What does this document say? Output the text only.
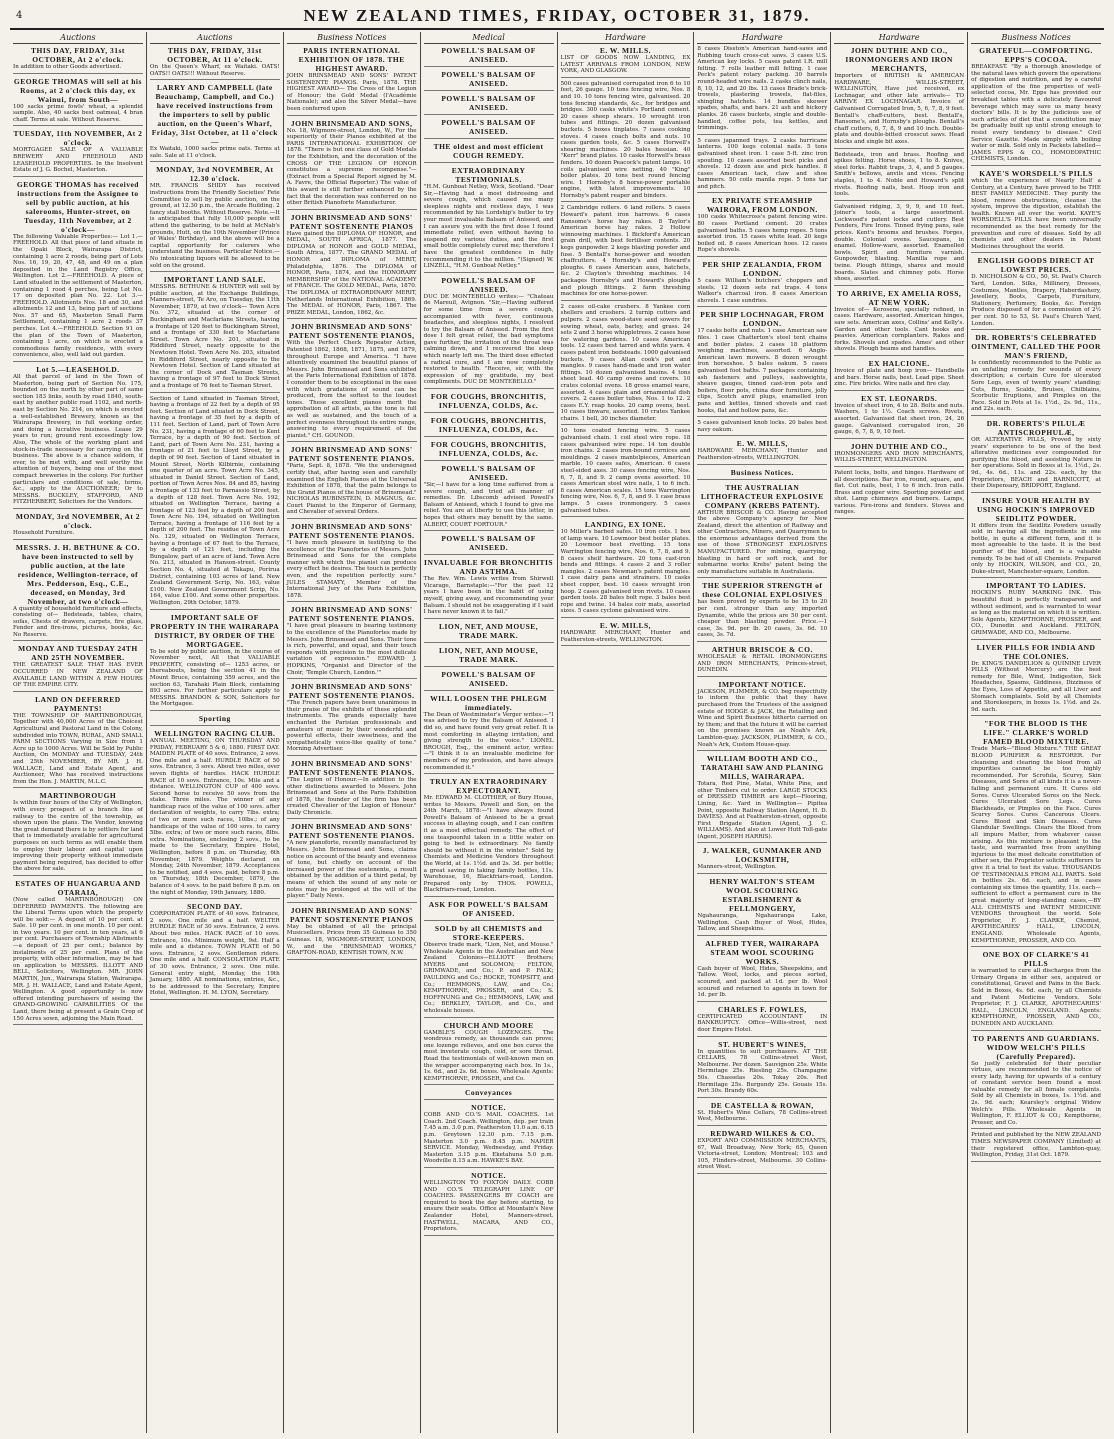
4	NEW ZEALAND TIMES, FRIDAY, OCTOBER 31, 1879.
Auctions
THIS DAY, FRIDAY, 31st OCTOBER, At 2 o'clock.
In addition to other Goods advertised.
GEORGE THOMAS will sell at his Rooms, at 2 o'clock this day, ex Wainui, from South—
100 sacks prime fowls' wheat, a splendid sample. Also, 40 sacks best oatmeal, 4 bran chaff. Terms at sale. Without Reserve.
TUESDAY, 11th NOVEMBER, At 2 o'clock.
MORTGAGEE SALE OF A VALUABLE BREWERY AND FREEHOLD AND LEASEHOLD PROPERTIES. In the Insolvent Estate of J. G. Bochel, Masterton.
GEORGE THOMAS has received instructions from the Assignee to sell by public auction, at his salerooms, Hunter-street, on Tuesday, 11th November, at 2 o'clock—
The following Valuable Properties:— Lot 1.—FREEHOLD. All that piece of land situate in the Opaki Block, Wairarapa District, containing 1 acre 2 roods, being part of Lots Nos. 16, 19, 20, 47, 48, and 49 on a plan deposited in the Land Registry Office, Wellington. Lot 2.—FREEHOLD. A piece of Land situated in the settlement of Masterton, containing 1 rood 4 perches, being Lot No. 17 on deposited plan No. 22. Lot 3.—FREEHOLD. Allotments Nos. 18 and 30, and allotments 12 and 13, being part of sections Nos. 57 and 65, Masterton Small Farm Settlement, containing 1 acre 2 roods 37 perches. Lot 4.—FREEHOLD. Section 91 on the plan of the Town of Masterton, containing 1 acre, on which is erected a commodious family residence, with every convenience, also, well laid out garden.
Lot 5.—LEASEHOLD.
All that parcel of land in the Town of Masterton, being part of Section No. 175, bounded on the north by other part of same section 183 links, south by road 1840, south-east by another public road 1102, and north-east by Section No. 214, on which is erected a well-established Brewery, known as the Wairarapa Brewery, in full working order, and doing a lucrative business. Lease 29 years to run; ground rent exceedingly low. Also, The whole of the working plant and stock-in-trade necessary for carrying on the business. The above is a chance seldom, if ever, to be met with, and well worthy the attention of buyers, being one of the most compact breweries in the colony. For further particulars and conditions of sale, terms, &c., apply to the AUCTIONEER; Or to MESSRS. BUCKLEY, STAFFORD, AND FITZHERBERT, Solicitors for the Vendors.
MONDAY, 3rd NOVEMBER, At 2 o'clock.
Household Furniture.
MESSRS. J. H. BETHUNE & CO. have been instructed to sell by public auction, at the late residence, Wellington-terrace, of Mrs. Pedderson, Esq., C.E., deceased, on Monday, 3rd November, at two o'clock—
A quantity of household furniture and effects, consisting of— Bedsteads, tables, chairs, sofas, Chests of drawers, carpets, fire glass, Fender and fire-irons, pictures, books, &c. No Reserve.
MONDAY AND TUESDAY 24TH AND 25TH NOVEMBER.
THE GREATEST SALE THAT HAS EVER OCCURRED IN NEW ZEALAND OF AVAILABLE LAND WITHIN A FEW HOURS OF THE EMPIRE CITY.
LAND ON DEFERRED PAYMENTS!
THE TOWNSHIP OF MARTINBOROUGH, Together with 40,000 Acres of the Choicest Agricultural and Pastoral Land in the Colony, subdivided into TOWN, RURAL, AND SMALL FARM SECTIONS Varying in Size from 1 Acre up to 1000 Acres. Will be Sold by Public Auction, On MONDAY and TUESDAY, 24th and 25th NOVEMBER, BY MR. J. H. WALLACE, Land and Estate Agent, and Auctioneer, Who has received instructions from the Hon. J. MARTIN, M.L.C.
MARTINBOROUGH
Is within four hours of the City of Wellington, with every prospect of a branch line of railway to the centre of the township, as shown upon the plans. The Vendor, knowing the great demand there is by settlers for land that is immediately available for agricultural purposes on such terms as will enable them to employ their labour and capital upon improving their property without immediate payment being required, has decided to offer the above for sale.
ESTATES OF HUANGARUA AND OTARAIA,
(Now called MARTINBOROUGH) ON DEFERRED PAYMENTS. The following are the Liberal Terms upon which the property will be sold:— A deposit of 10 per cent. at Sale. 10 per cent. in one month. 10 per cent. in two years. 10 per cent. in ten years, at 6 per cent. Purchasers of Township Allotments—a deposit of 25 per cent.; balance by instalments of 25 per cent. Plans of the property, with other information, may be had on application to MESSRS. ILLOTT AND BELL, Solicitors, Wellington. MR. JOHN MARTIN, Jun., Wairarapa Station, Wairarapa. MR. J. H. WALLACE, Land and Estate Agent, Wellington. A good opportunity is now offered intending purchasers of seeing the GRAND-GROWING CAPABILITIES Of the Land, there being at present a Grain Crop of 150 Acres sown, adjoining the Main Road.
Auctions
THIS DAY, FRIDAY, 31st OCTOBER, At 11 o'clock.
On the Queen's Wharf, ex Waitaki. OATS! OATS!! OATS!!! Without Reserve.
LARRY AND CAMPBELL (late Beauchamp, Campbell, and Co.) have received instructions from the importers to sell by public auction, on the Queen's Wharf, Friday, 31st October, at 11 o'clock—
Ex Waitaki, 1000 sacks prime oats. Terms at sale. Sale at 11 o'clock.
MONDAY, 3rd NOVEMBER, At 12.30 o'clock.
MR. FRANCIS SHIDY has received instructions from the Friendly Societies' Fete Committee to sell by public auction, on the ground, at 12.30 p.m., the Arcade Building. 2 fancy stall booths. Without Reserve. Note.—It is anticipated that fully 10,000 people will attend the gathering, to be held at McNab's grounds, Hutt, on the 10th November (Prince of Wales' Birthday), and the above will be a capital opportunity for caterers who understand the business. Particular Notice.—No intoxicating liquors will be allowed to be sold on the ground.
IMPORTANT LAND SALE.
MESSRS. BETHUNE & HUNTER will sell by public auction, at the Exchange Buildings, Manners-street, Te Aro, on Tuesday, the 11th November, 1879, at two o'clock— Town Acre No. 372, situated at the corner of Buckingham and Macfarlane Streets, having a frontage of 120 feet to Buckingham Street, and a frontage of 330 feet to Macfarlane Street. Town Acre No. 201, situated in Riddiford Street, nearly opposite to the Newtown Hotel. Town Acre No. 203, situated in Riddiford Street, nearly opposite to the Newtown Hotel. Section of Land situated at the corner of Dock and Tasman Streets, having a frontage of 97 feet to Dock Street and a frontage of 76 feet to Tasman Street.
Section of Land situated in Tasman Street, having a frontage of 22 feet by a depth of 95 feet. Section of Land situated in Dock Street, having a frontage of 35 feet by a depth of 111 feet. Section of Land, part of Town Acre No. 231, having a frontage of 60 feet to Kent Terrace, by a depth of 90 feet. Section of Land, part of Town Acre No. 231, having a frontage of 21 feet to Lloyd Street, by a depth of 90 feet. Section of Land situated in Mount Street, North Kilbirnie, containing one quarter of an acre. Town Acre No. 345, situated in Daniel Street. Section of Land, portion of Town Acres Nos. 84 and 85, having a frontage of 133 feet to Parnassio Street, by a depth of 128 feet. Town Acre No. 192, situated on Wellington Terrace, having a frontage of 123 feet by a depth of 200 feet. Town Acre No. 194, situated on Wellington Terrace, having a frontage of 116 feet by a depth of 200 feet. The residue of Town Acre No. 129, situated on Wellington Terrace, having a frontage of 67 feet to the Terrace, by a depth of 121 feet, including the Bungalow, part of an acre of land. Town Acre No. 213, situated in Hanson-street. County Section No. 4, situated at Takapu, Porirua District, containing 103 acres of land. New Zealand Government Scrip, No. 163, value £100. New Zealand Government Scrip, No. 164, value £100. And some other properties. Wellington, 29th October, 1879.
IMPORTANT SALE OF PROPERTY IN THE WAIRARAPA DISTRICT, BY ORDER OF THE MORTGAGEE.
To be sold by public auction, in the course of November next, All that VALUABLE PROPERTY, consisting of— 1253 acres, or thereabouts, being the section 41 in the Mount Bruce, containing 359 acres, and the section 63, Tarahaki Plain Block, containing 893 acres. For further particulars apply to MESSRS. BRANDON & SON, Solicitors for the Mortgagee.
Sporting
WELLINGTON RACING CLUB.
ANNUAL MEETING, ON THURSDAY AND FRIDAY, FEBRUARY 5 & 6, 1880. FIRST DAY. MAIDEN PLATE of 40 sovs. Entrance, 2 sovs. One mile and a half. HURDLE RACE of 50 sovs. Entrance, 3 sovs. About two miles, over seven flights of hurdles. HACK HURDLE RACE of 10 sovs. Entrance, 10s. Mile and a distance. WELLINGTON CUP of 400 sovs. Second horse to receive 50 sovs from the stake. Three miles. The winner of any handicap race of the value of 100 sovs. after declaration of weights, to carry 7lbs. extra; of two or more such races, 10lbs.; of any handicaps of the value of 100 sovs. to carry 5lbs. extra; of two or more such races, 8lbs. extra. Nominations, enclosing 2 sovs., to be made to the Secretary, Empire Hotel, Wellington, before 8 p.m. on Thursday, 6th November, 1879. Weights declared on Monday, 24th November, 1879. Acceptances to be notified, and 4 sovs. paid, before 8 p.m. on Thursday, 18th December, 1879, the balance of 4 sovs. to be paid before 8 p.m. on the night of Monday, 19th January, 1880.
SECOND DAY.
CORPORATION PLATE of 40 sovs. Entrance, 2 sovs. One mile and a half. WELTER HURDLE RACE of 30 sovs. Entrance, 2 sovs. About two miles. HACK RACE of 10 sovs. Entrance, 10s. Minimum weight, 9st. Half a mile and a distance. TOWN PLATE of 50 sovs. Entrance, 2 sovs. Gentlemen riders. One mile and a half. CONSOLATION PLATE of 30 sovs. Entrance, 2 sovs. One mile. General entry night, Monday, the 19th January, 1880. All nominations, entries, &c., to be addressed to the Secretary, Empire Hotel, Wellington. H. M. LYON, Secretary.
Business Notices
PARIS INTERNATIONAL EXHIBITION OF 1878. THE HIGHEST AWARD.
JOHN BRINSMEAD AND SONS' PATENT SOSTENENTE PIANOS. Paris, 1878. THE HIGHEST AWARD— The Cross of the Legion of Honour; the Gold Medal (l'Académie Nationale); and also the Silver Medal—have been conferred upon
JOHN BRINSMEAD AND SONS,
No. 18, Wigmore-street, London, W., For the superiority of their Pianos exhibited at the PARIS INTERNATIONAL EXHIBITION OF 1878. "There is but one class of Gold Medals for the Exhibition, and the decoration of the CROSS OF THE LEGION OF HONOR constitutes a supreme recompense."—(Extract from a Special Report signed by M. A. Favre, the Official Reporter.) The value of this award is still further enhanced by the fact that the decoration was conferred on no other British Pianoforte Manufacturer.
JOHN BRINSMEAD AND SONS' PATENT SOSTENENTE PIANOS
Have gained the DIPLOMA OF HONOR, and MEDAL, SOUTH AFRICA, 1877. The DIPLOMA of HONOR and GOLD MEDAL, South Africa, 1877. The GRAND MEDAL of HONOR and DIPLOMA of MERIT, Philadelphia, 1876. The DIPLOMA of HONOR, Paris, 1874, and the HONORARY MEMBERSHIP of the NATIONAL ACADEMY of FRANCE. The GOLD MEDAL, Paris, 1870. The DIPLOMA of EXTRAORDINARY MERIT, Netherlands International Exhibition, 1869. The MEDAL of HONOR, Paris, 1867. The PRIZE MEDAL, London, 1862, &c.
JOHN BRINSMEAD AND SONS' PATENT SOSTENENTE PIANOS,
With the Perfect Check Repeater Action, Patented 1862, 1868, 1871, 1875, and 1879, throughout Europe and America. "I have attentively examined the beautiful pianos of Messrs. John Brinsmead and Sons exhibited at the Paris International Exhibition of 1878. I consider them to be exceptional in the ease with which gradations of sound can be produced, from the softest to the loudest tones. These excellent pianos merit the approbation of all artists, as the tone is full as well as sustained, and the touch of a perfect evenness throughout its entire range, answering to every requirement of the pianist." CH. GOUNOD.
JOHN BRINSMEAD AND SONS' PATENT SOSTENENTE PIANOS.
"Paris, Sept. 8, 1878. "We the undersigned certify that, after having seen and carefully examined the English Pianos at the Universal Exhibition of 1878, that the palm belongs to the Grand Pianos of the house of Brinsmead." NICHOLAS RUBINSTEIN, D. MAGNUS, &c. Court Pianist to the Emperor of Germany, and Chevalier of several Orders.
JOHN BRINSMEAD AND SONS' PATENT SOSTENENTE PIANOS.
"I have much pleasure in testifying to the excellence of the Pianofortes of Messrs. John Brinsmead and Sons for the complete manner with which the pianist can produce every effect he desires. The touch is perfectly even, and the repetition perfectly sure." JULES STAMATY, Member of the International Jury of the Paris Exhibition, 1878.
JOHN BRINSMEAD AND SONS' PATENT SOSTENENTE PIANOS.
"I have great pleasure in bearing testimony to the excellence of the Pianofortes made by Messrs. John Brinsmead and Sons. Their tone is rich, powerful, and equal, and their touch responds with precision to the most delicate variation of expression." EDWARD J. HOPKINS, "Organist and Director of the Choir, 'Temple Church, London.'"
JOHN BRINSMEAD AND SONS' PATENT SOSTENENTE PIANOS.
"The French papers have been unanimous in their praise of the exhibits of these splendid instruments. The grands especially have enchanted the Parisian professionals and amateurs of music by their wonderful and powerful effects, their sweetness, and the sympathetically voice-like quality of tone." Morning Advertiser.
JOHN BRINSMEAD AND SONS' PATENT SOSTENENTE PIANOS.
"The Legion of Honour.—In addition to the other distinctions awarded to Messrs. John Brinsmead and Sons at the Paris Exhibition of 1878, the founder of the firm has been created Chevalier of the Legion of Honour." Daily Chronicle.
JOHN BRINSMEAD AND SONS' PATENT SOSTENENTE PIANOS.
"A new pianoforte, recently manufactured by Messrs. John Brinsmead and Sons, claims notice on account of the beauty and evenness of tone, but chiefly on account of the increased power of the sostenente, a result obtained by the addition of a third pedal, by means of which the sound of any note or notes may be prolonged at the will of the player." Daily News.
JOHN BRINSMEAD AND SONS' PATENT SOSTENENTE PIANOS
May be obtained of all the principal Musicsellers. Prices from 35 Guineas to 350 Guineas. 18, WIGMORE-STREET, LONDON, W., and the "BRINSMEAD WORKS," GRAFTON-ROAD, KENTISH TOWN, N.W.
Medical
POWELL'S BALSAM OF ANISEED.
POWELL'S BALSAM OF ANISEED.
POWELL'S BALSAM OF ANISEED.
POWELL'S BALSAM OF ANISEED.
THE oldest and most efficient COUGH REMEDY.
EXTRAORDINARY TESTIMONIALS.
"H.M. Gunboat Netley, Wick, Scotland. "Dear Sir,—Having had a most distressing and severe cough, which caused me many sleepless nights and restless days, I was recommended by his Lordship's butler to try your most invaluable Balsam of Aniseed, and I can assure you with the first dose I found immediate relief, even without having to suspend my various duties, and the first small bottle completely cured me; therefore I have the greatest confidence in fully recommending it to the million. "(Signed) W. LINZELL, "H.M. Gunboat Netley."
POWELL'S BALSAM OF ANISEED.
DUC DE MONTEBELLO writes:— "Chateau de Mareuil, Avignon. "Sir,—Having suffered for some time from a severe cough, accompanied with fever, continuous headaches, and sleepless nights, I resolved to try the Balsam of Aniseed. From the first dose I felt great relief, the bad symptoms gave further, the irritation of the throat was calming down, and I recovered the sleep which nearly left me. The third dose effected a radical cure, and I am now completely restored to health. "Receive, sir, with the expression of my gratitude, my best compliments. DUC DE MONTEBELLO."
FOR COUGHS, BRONCHITIS, INFLUENZA, COLDS, &c.
FOR COUGHS, BRONCHITIS, INFLUENZA, COLDS, &c.
FOR COUGHS, BRONCHITIS, INFLUENZA, COLDS, &c.
POWELL'S BALSAM OF ANISEED.
"Sir,—I have for a long time suffered from a severe cough, and tried all manner of remedies. Dr. Libscomb advised Powell's Balsam of Aniseed, which I found to give me relief. You are at liberty to use this letter, in hopes that others may benefit by the same. ALBERT, COURT FORTOUR."
POWELL'S BALSAM OF ANISEED.
INVALUABLE FOR BRONCHITIS AND ASTHMA.
The Rev. Wm. Lewis writes from Shirwell Vicarage, Barnstaple:—"For the past 12 years I have been in the habit of using myself, giving away, and recommending your Balsam. I should not be exaggerating if I said I have never known it to fail."
LION, NET, AND MOUSE, TRADE MARK.
LION, NET, AND MOUSE, TRADE MARK.
POWELL'S BALSAM OF ANISEED.
WILL LOOSEN THE PHLEGM immediately.
The Dean of Westminster's Verger writes:—"I was advised to try the Balsam of Aniseed. I did so, and have found very great relief. It is most comforting in allaying irritation, and giving strength to the voice." LIONEL BROUGH, Esq., the eminent actor, writes:—"I think it is an invaluable medicine for members of my profession, and have always recommended it."
TRULY AN EXTRAORDINARY EXPECTORANT.
Mr. EDWARD M. CLOTHIER, of Bury House, writes to Messrs. Powell and Son, on the 24th March, 1878:—"I have always found Powell's Balsam of Aniseed to be a great success in allaying cough, and I can confirm it as a most effectual remedy. The effect of one teaspoonful taken in a little water on going to bed is extraordinary. No family should be without it in the winter." Sold by Chemists and Medicine Vendors throughout the World, at 1s. 1½d. and 2s. 3d. per bottle; a great saving in taking family bottles, 11s. Warehouse, 16, Blackfriars-road, London. Prepared only by THOS. POWELL, Blackfriars-road, London.
ASK FOR POWELL'S BALSAM OF ANISEED.
SOLD by all CHEMISTS and STORE-KEEPERS.
Observe trade mark, "Lion, Net, and Mouse." Wholesale Agents in the Australian and New Zealand Colonies—ELLIOTT Brothers; MYERS and SOLOMON; FELTON, GRIMWADE, and Co.; P. and P. FALK; PAULDING and Co.; ROCKE, TOMPSITT, and Co.; HEMMONS, LAW, and Co.; KEMPTHORNE, PROSSER, and Co.; S. HOFFNUNG and Co.; HEMMONS, LAW, and Co.; BERKLEY, TAYLOR, and Co., and wholesale houses.
CHURCH AND MOORE
GAMBLE'S COUGH LOZENGES. The wondrous remedy, as thousands can prove; one lozenge relieves, and one box cures the most inveterate cough, cold, or sore throat. Read the testimonials of well-known men on the wrapper accompanying each box. In 1s., 1s. 6d., and 2s. 6d. boxes. Wholesale Agents: KEMPTHORNE, PROSSER, and Co.
Conveyances
NOTICE.
COBB AND CO.'S MAIL COACHES. 1st Coach. 2nd Coach. Wellington, dep. per train 7.45 a.m. 3.0 p.m. Featherston 11.0 a.m. 6.15 p.m. Greytown 12.30 p.m. 7.15 p.m. Masterton 3.0 p.m. 8.45 p.m. NAPIER SERVICE. Monday, Wednesday, and Friday. Masterton 3.15 p.m. Eketahuna 5.0 p.m. Woodville 8.15 a.m. HAWKE'S BAY.
NOTICE.
WELLINGTON TO FOXTON DAILY. COBB AND CO.'S TELEGRAPH LINE OF COACHES. PASSENGERS BY COACH are required to book the day before starting, to ensure their seats. Office at Mountain's New Zealander Hotel, Manners-street. HASTWELL, MACARA, AND CO., Proprietors.
Hardware
E. W. MILLS.
LIST OF GOODS NOW LANDING, EX LATEST ARRIVALS FROM LONDON, NEW YORK, AND GLASGOW.
500 cases galvanised corrugated iron 6 to 10 feet, 26 gauge. 10 tons fencing wire, Nos. 8 and 10. 10 tons fencing wire, galvanised. 20 tons fencing standards, &c., for bridges and bridges. 300 casks white's Portland cement. 20 cases sheep shears. 10 wrought iron tubes and fittings. 20 dozen galvanised buckets. 5 boxes tinplates. 7 cases cooking stoves. 4 cases coach bolts and nuts. 10 cases garden tools, &c. 5 cases Horwell's shearing machines. 20 bales hessian. 40 "Kerr" brand plates. 10 casks Horwell's brass fenders. 10 dozen Peacock's patent lamps. 10 coils galvanised wire netting. 40 "King" boiler plates. 20 tons best round fencing wire. 1 Hornsby's 8 horse-power portable engine, with latest improvements. 10 Hornsby's patent reaper and binders.
2 Cambridge rollers. 6 land rollers. 5 cases Howard's patent iron harrows. 6 cases Ransome's horse hay rakes. 8 Taylor's American horse hay rakes. 2 Hollow winnowing machines. 1 Bickford's American grain drill, with best fertiliser contents. 20 kegs gunpowder. 2 kegs blasting powder and fuse. 5 Bentall's horse-power and wooden chaffcutters. 4 Hornsby's and Howard's ploughs. 6 cases American axes, hatchets, &c. 2 Clayton's threshing machines. 14 packages Hornsby's and Howard's ploughs and plough fittings. 2 farm threshing machines for one horse-power.
2 cases oil-cake crushers. 8 Yankee corn shellers and crushers. 2 turnip cutters and pulpers. 2 cases wood-stave seed sowers for sowing wheat, oats, barley, and grass. 24 sets 2 and 3 horse whippletrees. 2 cases hose for watering gardens. 10 cases American tools. 12 cases best tarred and white yarn. 4 cases patent iron bedsteads. 1000 galvanised buckets. 9 cases Allan cook's pot and mangles. 9 cases hand-made and iron water fittings. 10 dozen galvanised basins. 4 tons sheet lead. 40 camp ovens and covers. 10 crates colonial ovens. 18 gross enamel ware, assorted. 4 cases plain and ornamental dish covers. 2 cases boiler tubes, Nos. 1 to 12. 2 cases E.Y. reap hooks. 20 camp ovens, best. 10 cases tinware, assorted. 10 crates Yankee chairs. 1 bell, 30 inches diameter.
10 tons coated fencing wire. 5 cases galvanised chain. 1 coil steel wire rope. 18 cases galvanised wire rope. 14 ton double iron chains. 2 cases iron-bound cornices and mouldings. 2 cases mantelpieces, American marble. 10 cases safes, American. 6 cases steel-sided axes. 30 cases fencing wire, Nos. 6, 7, 8, and 9. 2 camp ovens assorted. 10 cases American steel wire nails, 1 to 6 inch. 8 cases American scales. 15 tons Warrington fencing wire, Nos. 6, 7, 8, and 9. 1 case brass lamps. 5 cases ironmongery. 5 cases galvanised tubes.
LANDING, EX IONE.
10 Miller's barbed safes. 10 iron cots. 1 box of lamp ware. 10 Lowmoor best boiler plates. 20 Lowmoor best rivetting. 15 tons Warrington fencing wire, Nos. 6, 7, 8, and 9. 8 cases shelf hardware. 20 tons cast-iron bends and fittings. 4 cases 2 and 3 roller mangles. 2 cases Newman's patent mangles. 1 case dairy pans and strainers. 10 casks sheet copper, best. 10 cases wrought iron hoop. 2 cases galvanised iron rivets. 10 cases garden tools. 28 bales bolt rope. 3 bales best rope and twine. 14 bales coir mats, assorted sizes. 5 cases cyclone galvanised wire.
E. W. MILLS,
HARDWARE MERCHANT, Hunter and Featherston-streets, WELLINGTON.
Hardware
8 cases Disston's American hand-saws and Rubbing touch cross-cut saws. 3 cases U.S. American key locks. 5 cases patent I.R. mill felting. 7 rolls leather mill felting. 1 case Peck's patent rotary packing. 30 barrels round-headed wire nails. 2 casks clinch nails, 8, 10, 12, and 20 lbs. 13 cases Brade's brick-trowels, plastering trowels, flat-files, shingling hatchets. 14 bundles skewer spades, shafts, and bars. 21 ash and hickory planks. 26 cases buckets, single and double-handled, coffee pots, tea kettles, and trimmings.
5 cases japanned trays. 2 casks hurricane lanterns. 100 kegs colonial nails. 5 tons galvanised sheet iron. 1 case 5-ft. zinc iron spouting. 10 cases assorted best picks and shovels. 12 dozen axe and pick handles. 8 cases American tack, claw and shoe hammers. 50 coils manila rope. 5 tons tar and pitch.
EX PRIVATE STEAMSHIP WAIRORA, FROM LONDON.
100 casks Whitecross's patent fencing wire. 80 cases Portland cement. 20 crates galvanised baths. 5 cases hemp ropes. 5 tons assorted iron. 15 cases white lead. 20 kegs boiled oil. 8 cases American hoes. 12 cases Rope's shovels.
PER SHIP ZEALANDIA, FROM LONDON.
5 cases William's butchers' choppers and steels. 12 dozen sets rat traps. 4 tons Walker's charcoal iron. 8 cases American shovels. 1 case sundries.
PER SHIP LOCHNAGAR, FROM LONDON.
17 casks bolts and nuts. 1 case American saw files. 1 case Chatterton's steel tent chains and boiler plates. 2 cases 18 platform weighing machines, assorted. 6 Anglo-American lawn mowers. 8 dozen wrought iron horseshoe. 5 bales oakum. 5 cases galvanised foot baths. 7 packages containing ash fasteners and pulleys, sashweights, sheave gauges, tinned cast-iron pots and boilers, floor pots, china door furniture, jolly clips, Scotch anvil plugs, enamelled iron pans and kettles, tinned shovels and cast hooks, flat and hollow pans, &c.
5 cases galvanised knob locks. 20 bales best navy oakum.
E. W. MILLS,
HARDWARE MERCHANT, Hunter and Featherston-streets, WELLINGTON.
Business Notices.
THE AUSTRALIAN LITHOFRACTEUR EXPLOSIVE COMPANY (KREBS PATENT).
ARTHUR BRISCOE & CO. Having accepted the above Company's agency for New Zealand, direct the attention of Railway and other Contractors, Miners, and Quarrymen to the enormous advantages derived from the use of those STRONGEST EXPLOSIVES MANUFACTURED. For mining, quarrying, blasting in hard or soft rock, and for submarine works Krebs' patent being the only manufacture suitable in Australasia.
THE SUPERIOR STRENGTH of these COLONIAL EXPLOSIVES
has been proved by experts to be 15 to 20 per cent. stronger than any imported Dynamite, while the prices are 50 per cent. cheaper than blasting powder. Price.—1 case, 3s. 9d. per lb. 20 cases, 3s. 6d. 10 cases, 3s. 7d.
ARTHUR BRISCOE & CO.
WHOLESALE & RETAIL IRONMONGERS AND IRON MERCHANTS, Princes-street, DUNEDIN.
IMPORTANT NOTICE.
JACKSON, PLIMMER, & CO. beg respectfully to inform the public that they have purchased from the Trustees of the assigned estate of HODGE & JACK, the Retailing and Wine and Spirit Business hitherto carried on by them; and that the future it will be carried on the premises known as Noah's Ark, Lambton-quay. JACKSON, PLIMMER, & CO., Noah's Ark, Custom House-quay.
WILLIAM BOOTH AND CO., TARATAHI SAW AND PLANING MILLS, WAIRARAPA.
Totara, Red Pine, Matai, White Pine, and other Timbers cut to order. LARGE STOCKS of DRESSED TIMBER are kept—Flooring, Lining, &c. Yard in Wellington— Pipitea Point, opposite Railway Station (Agent, H. D. DAVIES). And at Featherston-street, opposite First Brigade Station (Agent, J. C. WILLIAMS). And also at Lower Hutt Toll-gate (Agent, JOSEPH HARRIS).
J. WALKER, GUNMAKER AND LOCKSMITH,
Manners-street, Wellington.
HENRY WALTON'S STEAM WOOL SCOURING ESTABLISHMENT & FELLMONGERY,
Ngahauranga, Ngahauranga Lake, Wellington. Cash Buyer of Wool, Hides, Tallow, and Sheepskins.
ALFRED TYER, WAIRARAPA STEAM WOOL SCOURING WORKS.
Cash buyer of Wool, Hides, Sheepskins, and Tallow. Wool, locks, and pieces sorted, scoured, and packed at 1d. per lb. Wool scoured and returned to agents in town for 1d. per lb.
CHARLES F. FOWLES,
CERTIFICATED ACCOUNTANT IN BANKRUPTCY. Office—Willis-street, next door Empire Hotel.
ST. HUBERT'S WINES,
In quantities to suit purchasers. AT THE CELLARS, 78 Collins-street West, Melbourne. Per dozen. Sauvignon 25s. White Hermitage 25s. Riesling 25s. Champagne 50s. Chasselas 20s. Tokay 20s. Red Hermitage 25s. Burgundy 25s. Gouais 15s. Port 30s. Brandy 60s.
DE CASTELLA & ROWAN,
St. Hubert's Wine Cellars, 78 Collins-street West, Melbourne.
REDWARD WILKES & CO.
EXPORT AND COMMISSION MERCHANTS, 67, Wall Broadway, New York; 65, Queen Victoria-street, London; Montreal; 103 and 105, Flinders-street, Melbourne. 30 Collins-street West.
Hardware
JOHN DUTHIE AND CO., IRONMONGERS AND IRON MERCHANTS,
Importers of BRITISH & AMERICAN HARDWARE, WILLIS-STREET, WELLINGTON, Have just received, ex Lochnagar, and other late arrivals— TO ARRIVE EX LOCHNAGAR. Invoice of Galvanised Corrugated Iron, 5, 6, 7, 8, 9 feet. Bentall's chaff-cutters, best. Bentall's, Ransome's, and Hornsby's ploughs. Bentall's chaff cutters, 6, 7, 8, 9 and 10 inch. Double-plate and double-bitted crosscut saws. Head blocks and single bit axes.
Bedsteads, iron and brass. Roofing and spikes felting. Horse shoes, 1 to 8. Knives, steel forks. Rabbit traps, 3, 4, and 5 gauges. Smith's bellows, anvils and vices. Fencing staples, 1 to 4. Noble and Howard's split rivets. Roofing nails, best. Hoop iron and tools.
Galvanised ridging, 3, 9, 9, and 10 feet. Joiner's tools, a large assortment. Lockwood's patent locks and cutlery. Best Fenders, Fire Irons. Tinned frying pans, sale prices. Kent's brooms and brushes. Forges, double. Colonial ovens. Saucepans, in enamel. Hollow-ware, assorted. Enamelled bowls. Spirit and furniture varnish. Gunpowder, blasting. Manilla rope and twine. Plough fittings, shares and mould boards. Slates and chimney pots. Horse shoes, assorted.
TO ARRIVE, EX AMELIA ROSS, AT NEW YORK.
Invoice of— Kerosene, specially refined, in cases. Hardware, assorted. American hinges, saw sets. American axes, Collins' and Kelly's. Garden and other tools. Cant hooks and peavies. American cornplanters. Rakes and forks. Shovels and spades. Ames' and other shovels. Plough beams and handles.
EX HALCIONE.
Invoice of plate and hoop iron— Handbells and bars. Horse nails, best. Lead pipe. Sheet zinc. Fire bricks. Wire nails and fire clay.
EX ST. LEONARDS.
Invoice of sheet iron, 4 to 28. Bolts and nuts. Washers, 1 to 1½. Coach screws. Rivets, assorted. Galvanised flat sheet iron, 24, 26 gauge. Galvanised corrugated iron, 26 gauge, 6, 7, 8, 9, 10 feet.
JOHN DUTHIE AND CO.,
IRONMONGERS AND IRON MERCHANTS, WILLIS-STREET, WELLINGTON.
Patent locks, bolts, and hinges. Hardware of all descriptions. Bar iron, round, square, and flat. Cut nails, best, 1 to 6 inch. Iron rails. Brass and copper wire. Sporting powder and shot. Lamp chimneys and burners. Lamps, various. Fire-irons and fenders. Stoves and ranges.
Business Notices
GRATEFUL—COMFORTING. EPPS'S COCOA.
BREAKFAST. "By a thorough knowledge of the natural laws which govern the operations of digestion and nutrition, and by a careful application of the fine properties of well-selected cocoa, Mr. Epps has provided our breakfast tables with a delicately flavoured beverage which may save us many heavy doctors' bills. It is by the judicious use of such articles of diet that a constitution may be gradually built up until strong enough to resist every tendency to disease." Civil Service Gazette. Made simply with boiling water or milk. Sold only in Packets labelled— JAMES EPPS & CO., HOMOEOPATHIC CHEMISTS, London.
KAYE'S WORSDELL'S PILLS
which the experience of Nearly Half a Century, at a Century, have proved to be THE BEST FAMILY MEDICINE. They purify the blood, remove obstructions, cleanse the system, improve the digestion, establish the health. Known all over the world. KAYE'S WORSDELL'S PILLS have been universally recommended as the best remedy for the prevention and cure of disease. Sold by all chemists and other dealers in Patent Medicines throughout the world.
ENGLISH GOODS DIRECT AT LOWEST PRICES.
D. NICHOLSON & CO., 50, St. Paul's Church Yard, London. Silks, Millinery, Dresses, Costumes, Mantles, Drapery, Haberdashery, Jewellery, Boots, Carpets, Furniture, Stationery, Perfumery, Books, &c. Foreign Produce disposed of for a commission of 2½ per cent. 50 to 53, St. Paul's Church Yard, London.
DR. ROBERTS'S CELEBRATED OINTMENT, CALLED THE POOR MAN'S FRIEND,
Is confidently recommended to the Public as an unfailing remedy for wounds of every description; a certain Cure for ulcerated Sore Legs, even of twenty years' standing; Cuts, Burns, Scalds, Bruises, Chilblains, Scorbutic Eruptions, and Pimples on the Face. Sold in Pots at 1s. 1½d., 2s. 9d., 11s., and 22s. each.
DR. ROBERTS'S PILULÆ ANTISCROPHULÆ,
OR ALTERATIVE PILLS, Proved by sixty years' experience to be one of the best alterative medicines ever compounded for purifying the blood, and assisting Nature in her operations. Sold in Boxes at 1s. 1½d., 2s. 9d., 4s. 6d., 11s. and 22s. each, by the Proprietors, BEACH and BARNICOTT, at their Dispensary, BRIDPORT, England.
INSURE YOUR HEALTH BY USING HOCKIN'S IMPROVED SEIDLITZ POWDER.
It differs from the Seidlitz Powders usually sold in having all the ingredients in one bottle, in quite a different form, and it is most agreeable to the taste. It is the best purifier of the blood, and is a valuable remedy. To be had of all Chemists. Prepared only by HOCKIN, WILSON, and CO., 20, Duke-street, Manchester-square, London.
IMPORTANT TO LADIES.
HOCKIN'S RUBY MARKING INK. This beautiful fluid is perfectly transparent and without sediment, and is warranted to wear as long as the material on which it is written. Sole Agents, KEMPTHORNE, PROSSER, and CO., Dunedin and Auckland. FELTON, GRIMWADE, AND CO., Melbourne.
LIVER PILLS FOR INDIA AND THE COLONIES.
Dr. KING'S DANDELION & QUININE LIVER PILLS (Without Mercury) are the best remedy for Bile, Wind, Indigestion, Sick Headaches, Spasms, Giddiness, Dizziness of the Eyes, Loss of Appetite, and all Liver and Stomach complaints. Sold by all Chemists and Storekeepers, in boxes 1s. 1½d. and 2s. 9d. each.
"FOR THE BLOOD IS THE LIFE." CLARKE'S WORLD FAMED BLOOD MIXTURE.
Trade Mark—"Blood Mixture." THE GREAT BLOOD PURIFIER & RESTORER. For cleansing and clearing the blood from all impurities cannot be too highly recommended. For Scrofula, Scurvy, Skin Diseases, and Sores of all kinds it is a never-failing and permanent cure. It Cures old Sores. Cures Ulcerated Sores on the Neck. Cures Ulcerated Sore Legs. Cures Blackheads, or Pimples on the Face. Cures Scurvy Sores. Cures Cancerous Ulcers. Cures Blood and Skin Diseases. Cures Glandular Swellings. Clears the Blood from all impure Matter, from whatever cause arising. As this mixture is pleasant to the taste, and warranted free from anything injurious to the most delicate constitution of either sex, the Proprietor solicits sufferers to give it a trial to test its value. THOUSANDS OF TESTIMONIALS FROM ALL PARTS. Sold in bottles 2s. 6d. each, and in cases containing six times the quantity, 11s. each—sufficient to effect a permanent cure in the great majority of long-standing cases,—BY ALL CHEMISTS and PATENT MEDICINE VENDORS throughout the world. Sole Proprietor, F. J. CLARKE, Chemist, APOTHECARIES' HALL, LINCOLN, ENGLAND. Wholesale Agents, KEMPTHORNE, PROSSER, AND CO.
ONE BOX OF CLARKE'S 41 PILLS
is warranted to cure all discharges from the Urinary Organs in either sex, acquired or constitutional, Gravel and Pains in the Back. Sold in Boxes, 4s. 6d. each, by all Chemists and Patent Medicine Vendors. Sole Proprietor, F. J. CLARKE, APOTHECARIES' HALL, LINCOLN, ENGLAND. Agents: KEMPTHORNE, PROSSER, AND CO., DUNEDIN AND AUCKLAND.
TO PARENTS AND GUARDIANS. WIDOW WELCH'S PILLS (Carefully Prepared).
So justly celebrated for their peculiar virtues, are recommended to the notice of every lady, having for upwards of a century of constant service been found a most valuable remedy for all female complaints. Sold by all Chemists in boxes, 1s. 1½d. and 2s. 9d. each; Kearsley's original Widow Welch's Pills. Wholesale Agents in Wellington, F. ELLIOT & CO.; Kempthorne, Prosser, and Co.
Printed and published by the NEW ZEALAND TIMES NEWSPAPER COMPANY (Limited) at their registered office, Lambton-quay, Wellington, Friday, 31st Oct. 1879.
